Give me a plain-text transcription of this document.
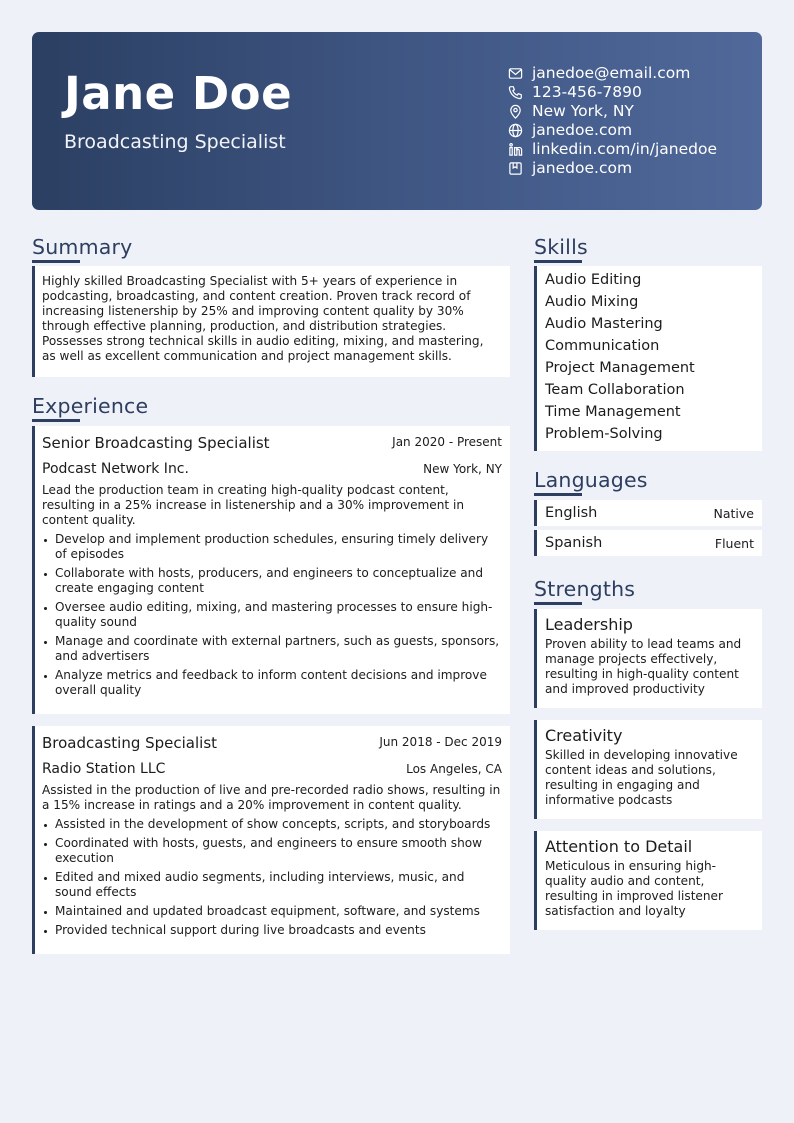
Jane Doe
Broadcasting Specialist
janedoe@email.com
123-456-7890
New York, NY
janedoe.com
linkedin.com/in/janedoe
janedoe.com
Summary
Highly skilled Broadcasting Specialist with 5+ years of experience in podcasting, broadcasting, and content creation. Proven track record of increasing listenership by 25% and improving content quality by 30% through effective planning, production, and distribution strategies. Possesses strong technical skills in audio editing, mixing, and mastering, as well as excellent communication and project management skills.
Experience
Senior Broadcasting Specialist	Jan 2020 - Present
Podcast Network Inc.	New York, NY
Lead the production team in creating high-quality podcast content, resulting in a 25% increase in listenership and a 30% improvement in content quality.
Develop and implement production schedules, ensuring timely delivery of episodes
Collaborate with hosts, producers, and engineers to conceptualize and create engaging content
Oversee audio editing, mixing, and mastering processes to ensure high-quality sound
Manage and coordinate with external partners, such as guests, sponsors, and advertisers
Analyze metrics and feedback to inform content decisions and improve overall quality
Broadcasting Specialist	Jun 2018 - Dec 2019
Radio Station LLC	Los Angeles, CA
Assisted in the production of live and pre-recorded radio shows, resulting in a 15% increase in ratings and a 20% improvement in content quality.
Assisted in the development of show concepts, scripts, and storyboards
Coordinated with hosts, guests, and engineers to ensure smooth show execution
Edited and mixed audio segments, including interviews, music, and sound effects
Maintained and updated broadcast equipment, software, and systems
Provided technical support during live broadcasts and events
Skills
Audio Editing
Audio Mixing
Audio Mastering
Communication
Project Management
Team Collaboration
Time Management
Problem-Solving
Languages
English	Native
Spanish	Fluent
Strengths
Leadership
Proven ability to lead teams and manage projects effectively, resulting in high-quality content and improved productivity
Creativity
Skilled in developing innovative content ideas and solutions, resulting in engaging and informative podcasts
Attention to Detail
Meticulous in ensuring high-quality audio and content, resulting in improved listener satisfaction and loyalty
